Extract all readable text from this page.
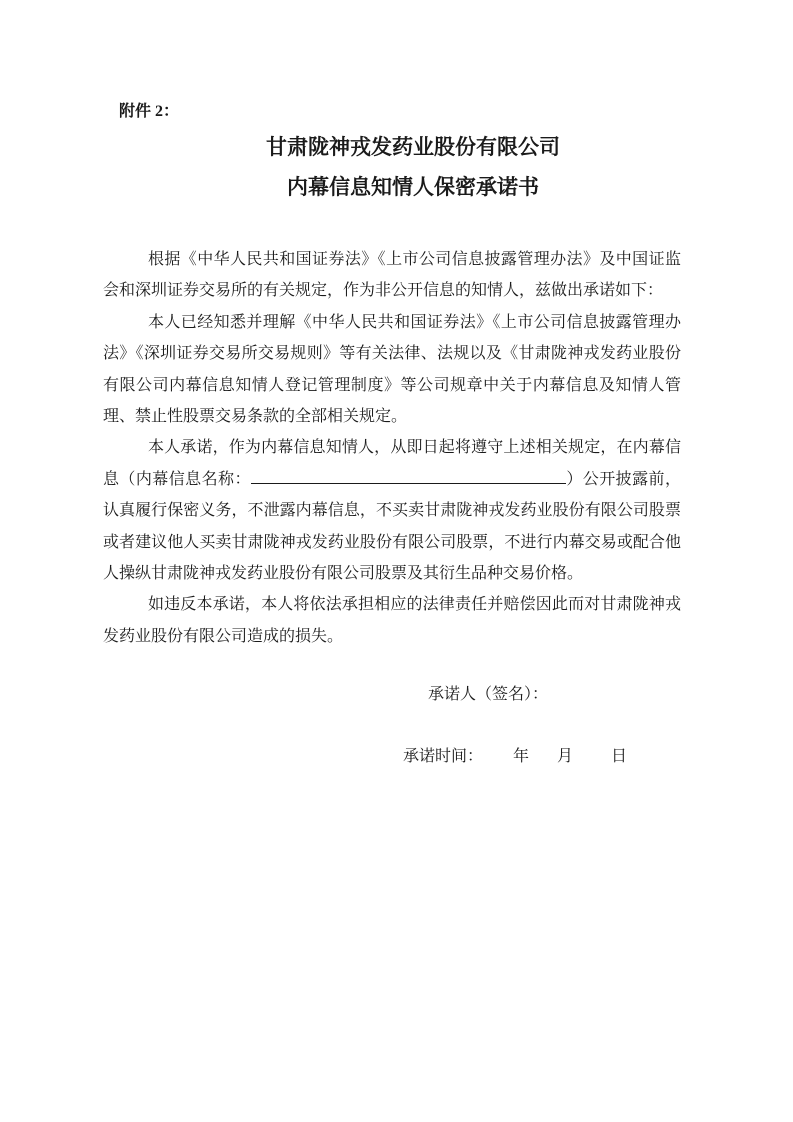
附件 2：
甘肃陇神戎发药业股份有限公司
内幕信息知情人保密承诺书

根据《中华人民共和国证券法》《上市公司信息披露管理办法》及中国证监会和深圳证券交易所的有关规定，作为非公开信息的知情人，兹做出承诺如下：

本人已经知悉并理解《中华人民共和国证券法》《上市公司信息披露管理办法》《深圳证券交易所交易规则》等有关法律、法规以及《甘肃陇神戎发药业股份有限公司内幕信息知情人登记管理制度》等公司规章中关于内幕信息及知情人管理、禁止性股票交易条款的全部相关规定。

本人承诺，作为内幕信息知情人，从即日起将遵守上述相关规定，在内幕信息（内幕信息名称：	）公开披露前，认真履行保密义务，不泄露内幕信息，不买卖甘肃陇神戎发药业股份有限公司股票或者建议他人买卖甘肃陇神戎发药业股份有限公司股票，不进行内幕交易或配合他人操纵甘肃陇神戎发药业股份有限公司股票及其衍生品种交易价格。

如违反本承诺，本人将依法承担相应的法律责任并赔偿因此而对甘肃陇神戎发药业股份有限公司造成的损失。

承诺人（签名）：
承诺时间： 年 月 日
